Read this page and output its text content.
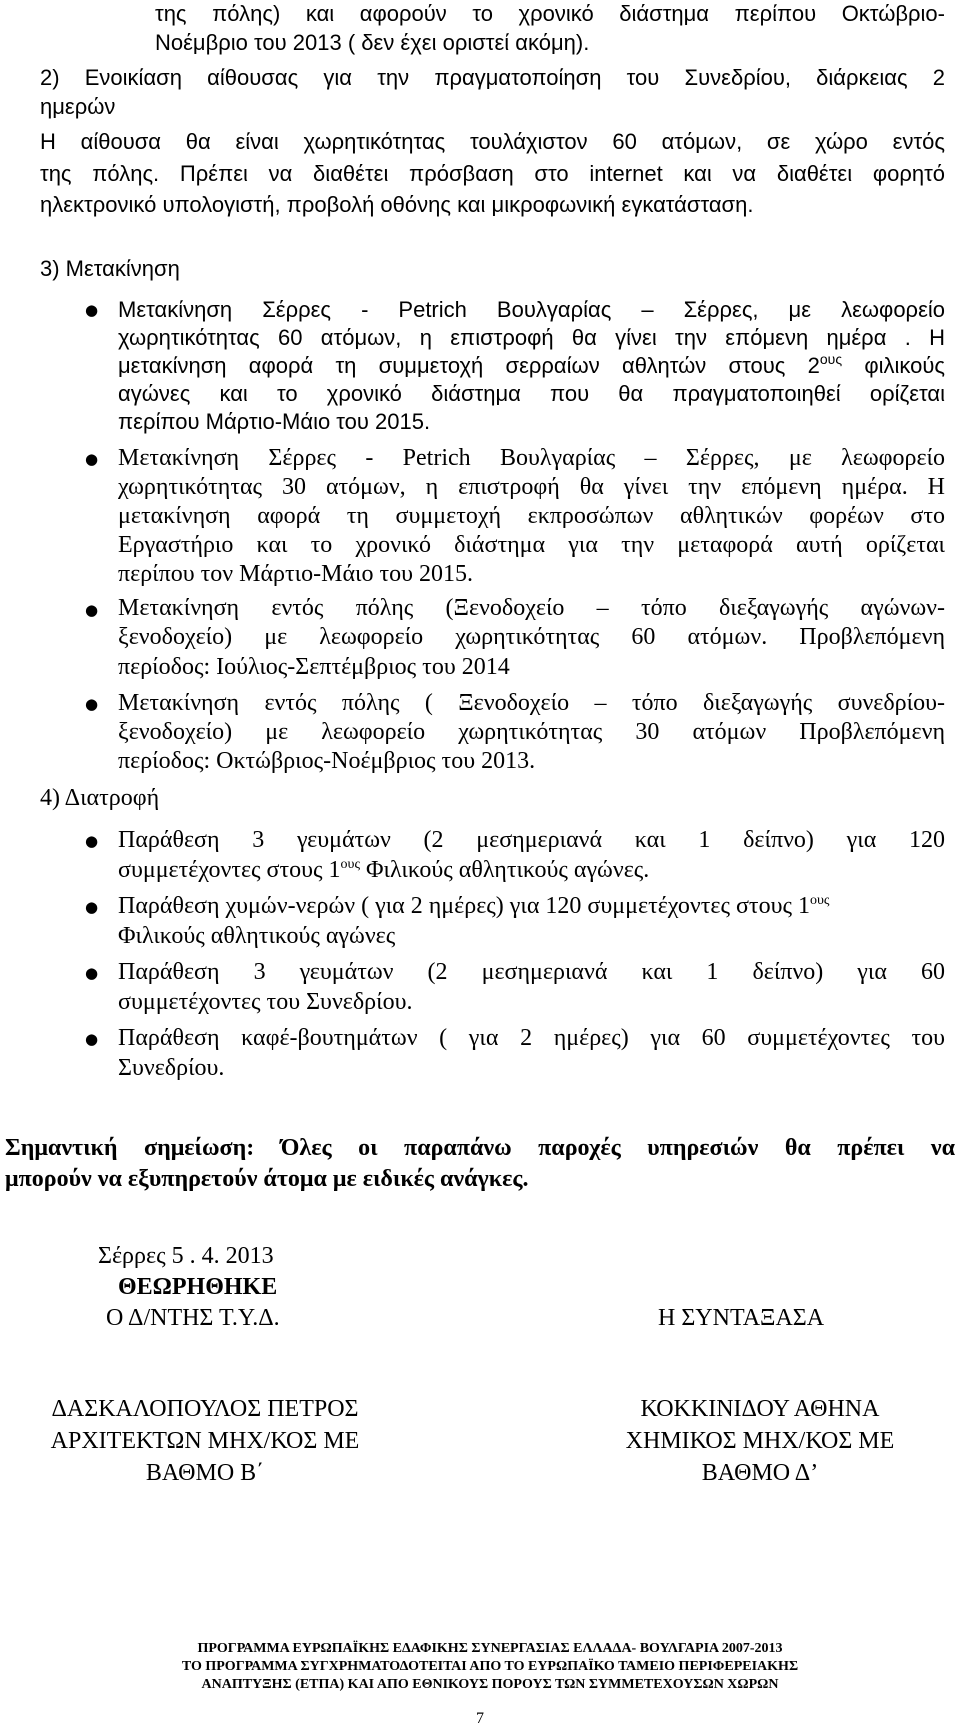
της πόλης) και αφορούν το χρονικό διάστημα περίπου Οκτώβριο-
Νοέμβριο του 2013 ( δεν έχει οριστεί ακόμη).
2) Ενοικίαση αίθουσας για την πραγματοποίηση του Συνεδρίου, διάρκειας 2
ημερών
Η αίθουσα θα είναι χωρητικότητας τουλάχιστον 60 ατόμων, σε χώρο εντός
της πόλης. Πρέπει να διαθέτει πρόσβαση στο internet και να διαθέτει φορητό
ηλεκτρονικό υπολογιστή, προβολή οθόνης και μικροφωνική εγκατάσταση.
3) Μετακίνηση
● Μετακίνηση Σέρρες - Petrich Βουλγαρίας – Σέρρες, με λεωφορείο
χωρητικότητας 60 ατόμων, η επιστροφή θα γίνει την επόμενη ημέρα . Η
μετακίνηση αφορά τη συμμετοχή σερραίων αθλητών στους $2^{o\upsilon\varsigma}$ φιλικούς
αγώνες και το χρονικό διάστημα που θα πραγματοποιηθεί ορίζεται
περίπου Μάρτιο-Μάιο του 2015.
● Μετακίνηση Σέρρες - Petrich Βουλγαρίας – Σέρρες, με λεωφορείο
χωρητικότητας 30 ατόμων, η επιστροφή θα γίνει την επόμενη ημέρα. Η
μετακίνηση αφορά τη συμμετοχή εκπροσώπων αθλητικών φορέων στο
Εργαστήριο και το χρονικό διάστημα για την μεταφορά αυτή ορίζεται
περίπου τον Μάρτιο-Μάιο του 2015.
● Μετακίνηση εντός πόλης (Ξενοδοχείο – τόπο διεξαγωγής αγώνων-
ξενοδοχείο) με λεωφορείο χωρητικότητας 60 ατόμων. Προβλεπόμενη
περίοδος: Ιούλιος-Σεπτέμβριος του 2014
● Μετακίνηση εντός πόλης ( Ξενοδοχείο – τόπο διεξαγωγής συνεδρίου-
ξενοδοχείο) με λεωφορείο χωρητικότητας 30 ατόμων Προβλεπόμενη
περίοδος: Οκτώβριος-Νοέμβριος του 2013.
4) Διατροφή
● Παράθεση 3 γευμάτων (2 μεσημεριανά και 1 δείπνο) για 120
συμμετέχοντες στους $1^{o\upsilon\varsigma}$ Φιλικούς αθλητικούς αγώνες.
● Παράθεση χυμών-νερών ( για 2 ημέρες) για 120 συμμετέχοντες στους $1^{o\upsilon\varsigma}$
Φιλικούς αθλητικούς αγώνες
● Παράθεση 3 γευμάτων (2 μεσημεριανά και 1 δείπνο) για 60
συμμετέχοντες του Συνεδρίου.
● Παράθεση καφέ-βουτημάτων ( για 2 ημέρες) για 60 συμμετέχοντες του
Συνεδρίου.
Σημαντική σημείωση: Όλες οι παραπάνω παροχές υπηρεσιών θα πρέπει να
μπορούν να εξυπηρετούν άτομα με ειδικές ανάγκες.
Σέρρες 5 . 4. 2013
ΘΕΩΡΗΘΗΚΕ
Ο Δ/ΝΤΗΣ Τ.Υ.Δ.	Η ΣΥΝΤΑΞΑΣΑ
ΔΑΣΚΑΛΟΠΟΥΛΟΣ ΠΕΤΡΟΣ
ΑΡΧΙΤΕΚΤΩΝ ΜΗΧ/ΚΟΣ ΜΕ
ΒΑΘΜΟ Β΄
ΚΟΚΚΙΝΙΔΟΥ ΑΘΗΝΑ
ΧΗΜΙΚΟΣ ΜΗΧ/ΚΟΣ ΜΕ
ΒΑΘΜΟ Δ’
ΠΡΟΓΡΑΜΜΑ ΕΥΡΩΠΑΪΚΗΣ ΕΔΑΦΙΚΗΣ ΣΥΝΕΡΓΑΣΙΑΣ ΕΛΛΑΔΑ- ΒΟΥΛΓΑΡΙΑ 2007-2013
ΤΟ ΠΡΟΓΡΑΜΜΑ ΣΥΓΧΡΗΜΑΤΟΔΟΤΕΙΤΑΙ ΑΠΟ ΤΟ ΕΥΡΩΠΑΪΚΟ ΤΑΜΕΙΟ ΠΕΡΙΦΕΡΕΙΑΚΗΣ
ΑΝΑΠΤΥΞΗΣ (ΕΤΠΑ) ΚΑΙ ΑΠΟ ΕΘΝΙΚΟΥΣ ΠΟΡΟΥΣ ΤΩΝ ΣΥΜΜΕΤΕΧΟΥΣΩΝ ΧΩΡΩΝ
7
